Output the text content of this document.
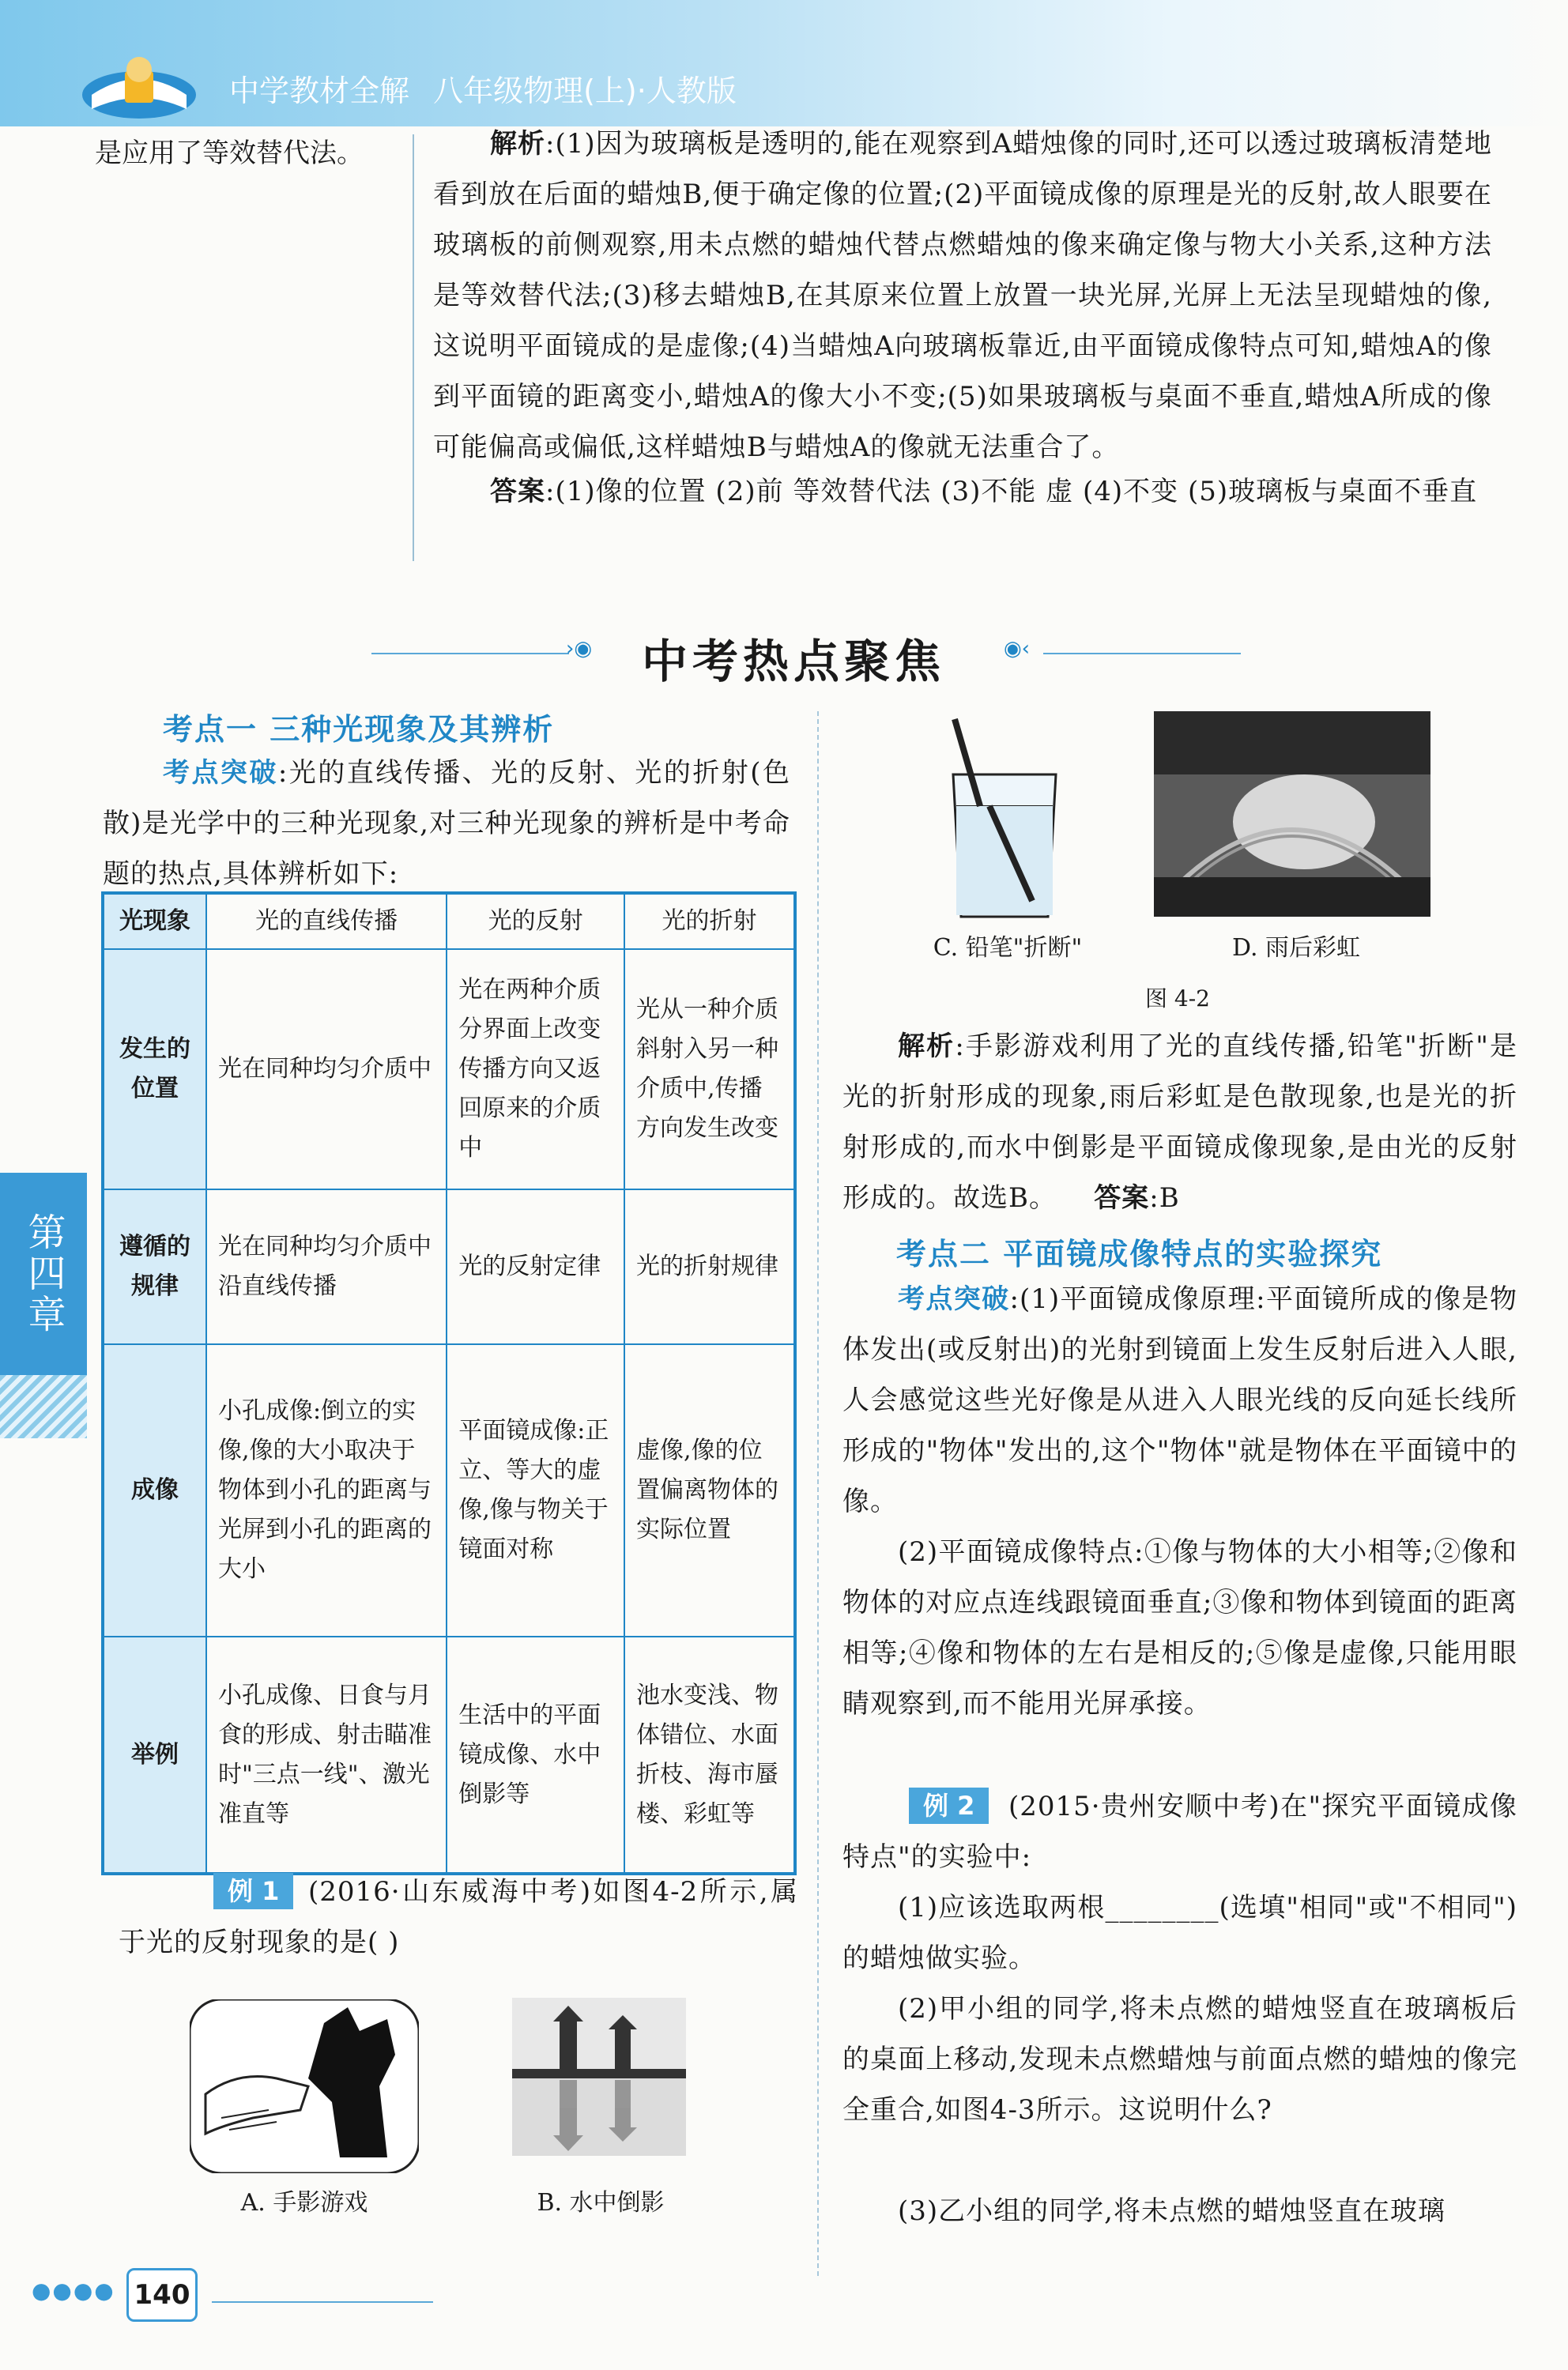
中学教材全解 八年级物理(上)·人教版
是应用了等效替代法。	解析:(1)因为玻璃板是透明的,能在观察到A蜡烛像的同时,还可以透过玻璃板清楚地看到放在后面的蜡烛B,便于确定像的位置;(2)平面镜成像的原理是光的反射,故人眼要在玻璃板的前侧观察,用未点燃的蜡烛代替点燃蜡烛的像来确定像与物大小关系,这种方法是等效替代法;(3)移去蜡烛B,在其原来位置上放置一块光屏,光屏上无法呈现蜡烛的像,这说明平面镜成的是虚像;(4)当蜡烛A向玻璃板靠近,由平面镜成像特点可知,蜡烛A的像到平面镜的距离变小,蜡烛A的像大小不变;(5)如果玻璃板与桌面不垂直,蜡烛A所成的像可能偏高或偏低,这样蜡烛B与蜡烛A的像就无法重合了。
答案:(1)像的位置 (2)前 等效替代法 (3)不能 虚 (4)不变 (5)玻璃板与桌面不垂直
›◉ 中考热点聚焦	◉‹
考点一 三种光现象及其辨析
考点突破:光的直线传播、光的反射、光的折射(色散)是光学中的三种光现象,对三种光现象的辨析是中考命题的热点,具体辨析如下:
光现象	光的直线传播	光的反射	光的折射
发生的位置	光在同种均匀介质中	光在两种介质分界面上改变传播方向又返回原来的介质中	光从一种介质斜射入另一种介质中,传播方向发生改变
遵循的规律	光在同种均匀介质中沿直线传播	光的反射定律	光的折射规律
成像	小孔成像:倒立的实像,像的大小取决于物体到小孔的距离与光屏到小孔的距离的大小	平面镜成像:正立、等大的虚像,像与物关于镜面对称	虚像,像的位置偏离物体的实际位置
举例	小孔成像、日食与月食的形成、射击瞄准时"三点一线"、激光准直等	生活中的平面镜成像、水中倒影等	池水变浅、物体错位、水面折枝、海市蜃楼、彩虹等
例 1	(2016·山东威海中考)如图4-2所示,属于光的反射现象的是( )
A. 手影游戏	B. 水中倒影
C. 铅笔"折断"	D. 雨后彩虹
图 4-2
解析:手影游戏利用了光的直线传播,铅笔"折断"是光的折射形成的现象,雨后彩虹是色散现象,也是光的折射形成的,而水中倒影是平面镜成像现象,是由光的反射形成的。故选B。 答案:B
考点二 平面镜成像特点的实验探究
考点突破:(1)平面镜成像原理:平面镜所成的像是物体发出(或反射出)的光射到镜面上发生反射后进入人眼,人会感觉这些光好像是从进入人眼光线的反向延长线所形成的"物体"发出的,这个"物体"就是物体在平面镜中的像。
(2)平面镜成像特点:①像与物体的大小相等;②像和物体的对应点连线跟镜面垂直;③像和物体到镜面的距离相等;④像和物体的左右是相反的;⑤像是虚像,只能用眼睛观察到,而不能用光屏承接。
例 2	(2015·贵州安顺中考)在"探究平面镜成像特点"的实验中:
(1)应该选取两根________(选填"相同"或"不相同")的蜡烛做实验。
(2)甲小组的同学,将未点燃的蜡烛竖直在玻璃板后的桌面上移动,发现未点燃蜡烛与前面点燃的蜡烛的像完全重合,如图4-3所示。这说明什么?
(3)乙小组的同学,将未点燃的蜡烛竖直在玻璃
第四章
●●●● 140
